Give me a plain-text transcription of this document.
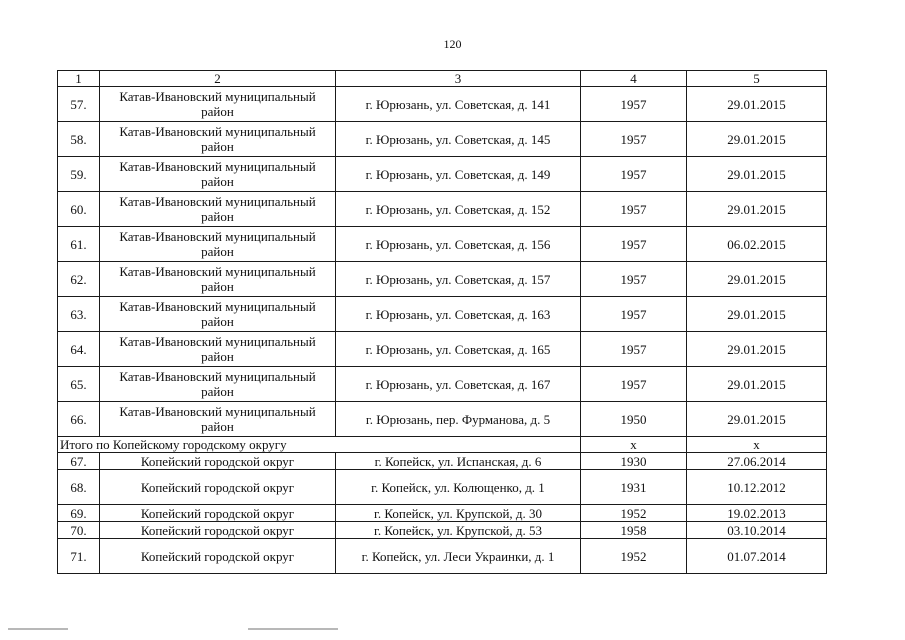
120
1	2	3	4	5
57.	Катав-Ивановский муниципальный район	г. Юрюзань, ул. Советская, д. 141	1957	29.01.2015
58.	Катав-Ивановский муниципальный район	г. Юрюзань, ул. Советская, д. 145	1957	29.01.2015
59.	Катав-Ивановский муниципальный район	г. Юрюзань, ул. Советская, д. 149	1957	29.01.2015
60.	Катав-Ивановский муниципальный район	г. Юрюзань, ул. Советская, д. 152	1957	29.01.2015
61.	Катав-Ивановский муниципальный район	г. Юрюзань, ул. Советская, д. 156	1957	06.02.2015
62.	Катав-Ивановский муниципальный район	г. Юрюзань, ул. Советская, д. 157	1957	29.01.2015
63.	Катав-Ивановский муниципальный район	г. Юрюзань, ул. Советская, д. 163	1957	29.01.2015
64.	Катав-Ивановский муниципальный район	г. Юрюзань, ул. Советская, д. 165	1957	29.01.2015
65.	Катав-Ивановский муниципальный район	г. Юрюзань, ул. Советская, д. 167	1957	29.01.2015
66.	Катав-Ивановский муниципальный район	г. Юрюзань, пер. Фурманова, д. 5	1950	29.01.2015
Итого по Копейскому городскому округу			x	x
67.	Копейский городской округ	г. Копейск, ул. Испанская, д. 6	1930	27.06.2014
68.	Копейский городской округ	г. Копейск, ул. Колющенко, д. 1	1931	10.12.2012
69.	Копейский городской округ	г. Копейск, ул. Крупской, д. 30	1952	19.02.2013
70.	Копейский городской округ	г. Копейск, ул. Крупской, д. 53	1958	03.10.2014
71.	Копейский городской округ	г. Копейск, ул. Леси Украинки, д. 1	1952	01.07.2014
